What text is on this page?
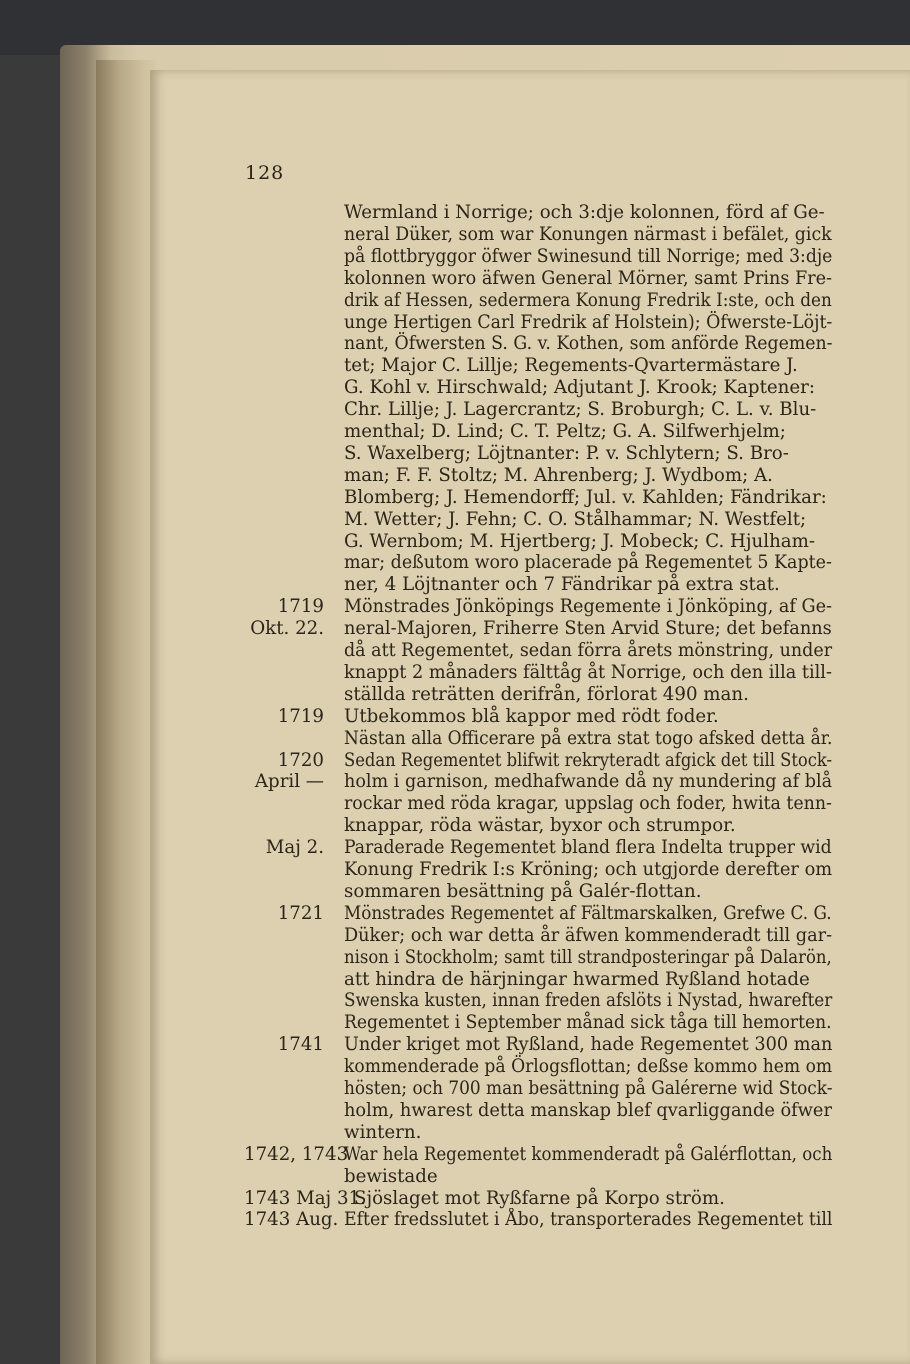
128
Wermland i Norrige; och 3:dje kolonnen, förd af Ge-
neral Düker, som war Konungen närmast i befälet, gick
på flottbryggor öfwer Swinesund till Norrige; med 3:dje
kolonnen woro äfwen General Mörner, samt Prins Fre-
drik af Hessen, sedermera Konung Fredrik I:ste, och den
unge Hertigen Carl Fredrik af Holstein); Öfwerste-Löjt-
nant, Öfwersten S. G. v. Kothen, som anförde Regemen-
tet; Major C. Lillje; Regements-Qvartermästare J.
G. Kohl v. Hirschwald; Adjutant J. Krook; Kaptener:
Chr. Lillje; J. Lagercrantz; S. Broburgh; C. L. v. Blu-
menthal; D. Lind; C. T. Peltz; G. A. Silfwerhjelm;
S. Waxelberg; Löjtnanter: P. v. Schlytern; S. Bro-
man; F. F. Stoltz; M. Ahrenberg; J. Wydbom; A.
Blomberg; J. Hemendorff; Jul. v. Kahlden; Fändrikar:
M. Wetter; J. Fehn; C. O. Stålhammar; N. Westfelt;
G. Wernbom; M. Hjertberg; J. Mobeck; C. Hjulham-
mar; deßutom woro placerade på Regementet 5 Kapte-
ner, 4 Löjtnanter och 7 Fändrikar på extra stat.
1719 Mönstrades Jönköpings Regemente i Jönköping, af Ge-
Okt. 22. neral-Majoren, Friherre Sten Arvid Sture; det befanns
då att Regementet, sedan förra årets mönstring, under
knappt 2 månaders fälttåg åt Norrige, och den illa till-
ställda reträtten derifrån, förlorat 490 man.
1719 Utbekommos blå kappor med rödt foder.
Nästan alla Officerare på extra stat togo afsked detta år.
1720 Sedan Regementet blifwit rekryteradt afgick det till Stock-
April — holm i garnison, medhafwande då ny mundering af blå
rockar med röda kragar, uppslag och foder, hwita tenn-
knappar, röda wästar, byxor och strumpor.
Maj 2. Paraderade Regementet bland flera Indelta trupper wid
Konung Fredrik I:s Kröning; och utgjorde derefter om
sommaren besättning på Galér-flottan.
1721 Mönstrades Regementet af Fältmarskalken, Grefwe C. G.
Düker; och war detta år äfwen kommenderadt till gar-
nison i Stockholm; samt till strandposteringar på Dalarön,
att hindra de härjningar hwarmed Ryßland hotade
Swenska kusten, innan freden afslöts i Nystad, hwarefter
Regementet i September månad sick tåga till hemorten.
1741 Under kriget mot Ryßland, hade Regementet 300 man
kommenderade på Örlogsflottan; deßse kommo hem om
hösten; och 700 man besättning på Galérerne wid Stock-
holm, hwarest detta manskap blef qvarliggande öfwer
wintern.
1742, 1743
War hela Regementet kommenderadt på Galérflottan, och
bewistade
1743 Maj 31.
Sjöslaget mot Ryßfarne på Korpo ström.
1743 Aug. Efter fredsslutet i Åbo, transporterades Regementet till
